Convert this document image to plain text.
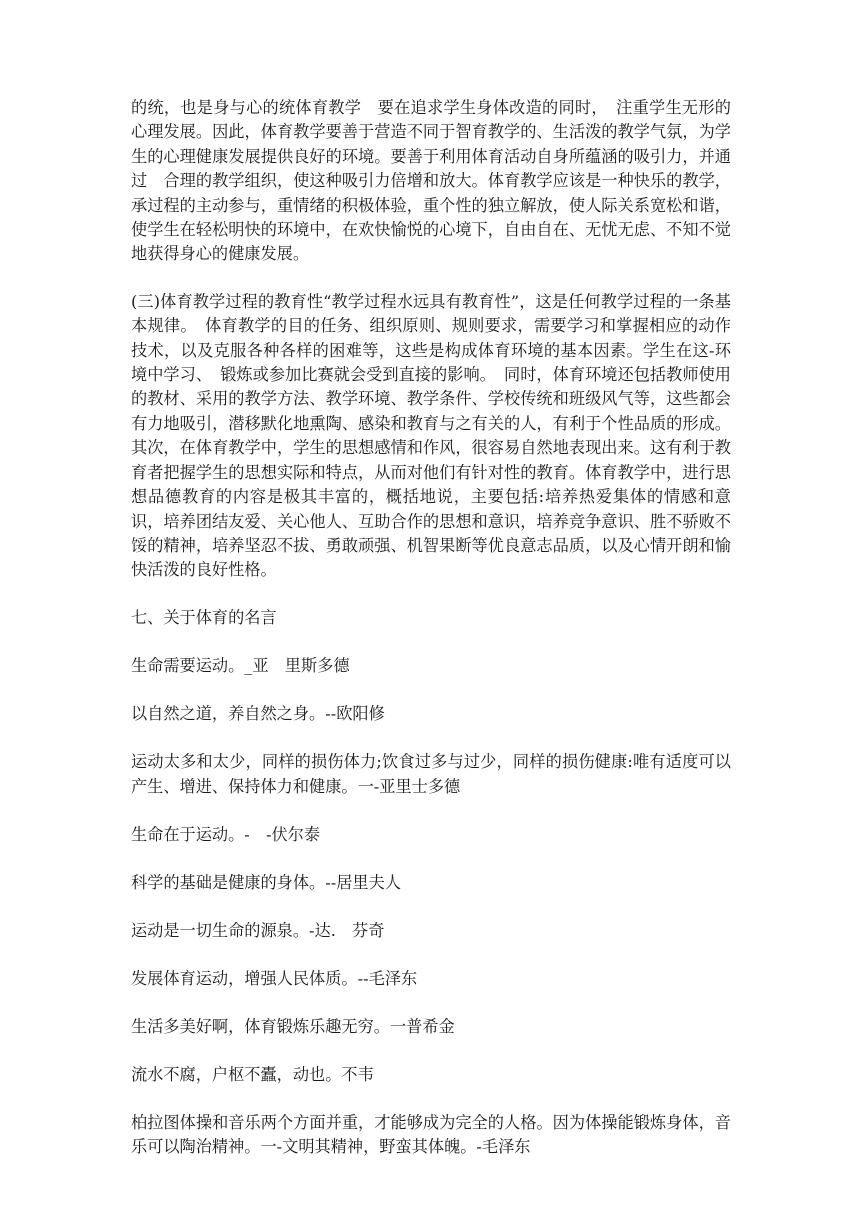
的统，也是身与心的统体育教学　要在追求学生身体改造的同时，　注重学生无形的心理发展。因此，体育教学要善于营造不同于智育教学的、生活泼的教学气氛，为学生的心理健康发展提供良好的环境。要善于利用体育活动自身所蕴涵的吸引力，并通过　合理的教学组织，使这种吸引力倍增和放大。体育教学应该是一种快乐的教学，承过程的主动参与，重情绪的积极体验，重个性的独立解放，使人际关系宽松和谐，使学生在轻松明快的环境中，在欢快愉悦的心境下，自由自在、无忧无虑、不知不觉地获得身心的健康发展。

(三)体育教学过程的教育性“教学过程水远具有教育性”，这是任何教学过程的一条基本规律。　体育教学的目的任务、组织原则、规则要求，需要学习和掌握相应的动作技术，以及克服各种各样的困难等，这些是构成体育环境的基本因素。学生在这-环境中学习、　锻炼或参加比赛就会受到直接的影响。　同时，体育环境还包括教师使用的教材、采用的教学方法、教学环境、教学条件、学校传统和班级风气等，这些都会有力地吸引，潜移默化地熏陶、感染和教育与之有关的人，有利于个性品质的形成。其次，在体育教学中，学生的思想感情和作风，很容易自然地表现出来。这有利于教育者把握学生的思想实际和特点，从而对他们有针对性的教育。体育教学中，进行思想品德教育的内容是极其丰富的，概括地说，主要包括:培养热爱集体的情感和意识，培养团结友爱、关心他人、互助合作的思想和意识，培养竞争意识、胜不骄败不馁的精神，培养坚忍不拔、勇敢顽强、机智果断等优良意志品质，以及心情开朗和愉快活泼的良好性格。

七、关于体育的名言

生命需要运动。_亚　里斯多德

以自然之道，养自然之身。--欧阳修

运动太多和太少，同样的损伤体力;饮食过多与过少，同样的损伤健康:唯有适度可以产生、增进、保持体力和健康。一-亚里士多德

生命在于运动。-　-伏尔泰

科学的基础是健康的身体。--居里夫人

运动是一切生命的源泉。-达.　芬奇

发展体育运动，增强人民体质。--毛泽东

生活多美好啊，体育锻炼乐趣无穷。一普希金

流水不腐，户枢不蠹，动也。不韦

柏拉图体操和音乐两个方面并重，才能够成为完全的人格。因为体操能锻炼身体，音乐可以陶治精神。一-文明其精神，野蛮其体魄。-毛泽东
